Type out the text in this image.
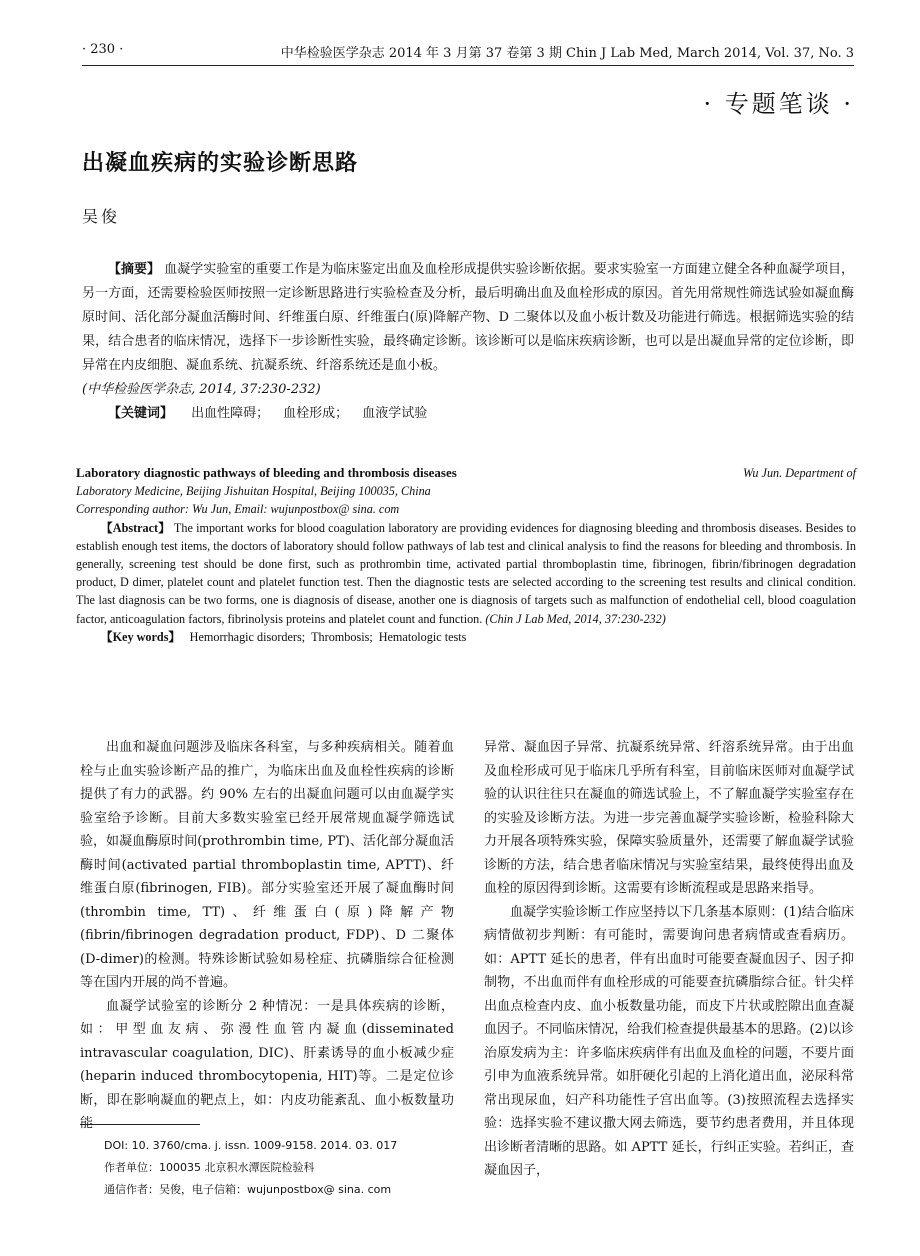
· 230 ·	中华检验医学杂志 2014 年 3 月第 37 卷第 3 期 Chin J Lab Med, March 2014, Vol. 37, No. 3
· 专题笔谈 ·
出凝血疾病的实验诊断思路
吴俊

【摘要】 血凝学实验室的重要工作是为临床鉴定出血及血栓形成提供实验诊断依据。要求实验室一方面建立健全各种血凝学项目，另一方面，还需要检验医师按照一定诊断思路进行实验检查及分析，最后明确出血及血栓形成的原因。首先用常规性筛选试验如凝血酶原时间、活化部分凝血活酶时间、纤维蛋白原、纤维蛋白(原)降解产物、D 二聚体以及血小板计数及功能进行筛选。根据筛选实验的结果，结合患者的临床情况，选择下一步诊断性实验，最终确定诊断。该诊断可以是临床疾病诊断，也可以是出凝血异常的定位诊断，即异常在内皮细胞、凝血系统、抗凝系统、纤溶系统还是血小板。

(中华检验医学杂志, 2014, 37:230-232)

【关键词】 出血性障碍； 血栓形成； 血液学试验

Laboratory diagnostic pathways of bleeding and thrombosis diseases	Wu Jun. Department of

Laboratory Medicine, Beijing Jishuitan Hospital, Beijing 100035, China

Corresponding author: Wu Jun, Email: wujunpostbox@ sina. com

【Abstract】 The important works for blood coagulation laboratory are providing evidences for diagnosing bleeding and thrombosis diseases. Besides to establish enough test items, the doctors of laboratory should follow pathways of lab test and clinical analysis to find the reasons for bleeding and thrombosis. In generally, screening test should be done first, such as prothrombin time, activated partial thromboplastin time, fibrinogen, fibrin/fibrinogen degradation product, D dimer, platelet count and platelet function test. Then the diagnostic tests are selected according to the screening test results and clinical condition. The last diagnosis can be two forms, one is diagnosis of disease, another one is diagnosis of targets such as malfunction of endothelial cell, blood coagulation factor, anticoagulation factors, fibrinolysis proteins and platelet count and function. (Chin J Lab Med, 2014, 37:230-232)

【Key words】 Hemorrhagic disorders; Thrombosis; Hematologic tests

出血和凝血问题涉及临床各科室，与多种疾病相关。随着血栓与止血实验诊断产品的推广，为临床出血及血栓性疾病的诊断提供了有力的武器。约 90% 左右的出凝血问题可以由血凝学实验室给予诊断。目前大多数实验室已经开展常规血凝学筛选试验，如凝血酶原时间(prothrombin time, PT)、活化部分凝血活酶时间(activated partial thromboplastin time, APTT)、纤维蛋白原(fibrinogen, FIB)。部分实验室还开展了凝血酶时间(thrombin time, TT)、纤维蛋白(原)降解产物(fibrin/fibrinogen degradation product, FDP)、D 二聚体(D-dimer)的检测。特殊诊断试验如易栓症、抗磷脂综合征检测等在国内开展的尚不普遍。

血凝学试验室的诊断分 2 种情况：一是具体疾病的诊断，如：甲型血友病、弥漫性血管内凝血(disseminated intravascular coagulation, DIC)、肝素诱导的血小板减少症(heparin induced thrombocytopenia, HIT)等。二是定位诊断，即在影响凝血的靶点上，如：内皮功能紊乱、血小板数量功能

异常、凝血因子异常、抗凝系统异常、纤溶系统异常。由于出血及血栓形成可见于临床几乎所有科室，目前临床医师对血凝学试验的认识往往只在凝血的筛选试验上，不了解血凝学实验室存在的实验及诊断方法。为进一步完善血凝学实验诊断，检验科除大力开展各项特殊实验，保障实验质量外，还需要了解血凝学试验诊断的方法，结合患者临床情况与实验室结果，最终使得出血及血栓的原因得到诊断。这需要有诊断流程或是思路来指导。

血凝学实验诊断工作应坚持以下几条基本原则：(1)结合临床病情做初步判断：有可能时，需要询问患者病情或查看病历。如：APTT 延长的患者，伴有出血时可能要查凝血因子、因子抑制物，不出血而伴有血栓形成的可能要查抗磷脂综合征。针尖样出血点检查内皮、血小板数量功能，而皮下片状或腔隙出血查凝血因子。不同临床情况，给我们检查提供最基本的思路。(2)以诊治原发病为主：许多临床疾病伴有出血及血栓的问题，不要片面引申为血液系统异常。如肝硬化引起的上消化道出血，泌尿科常常出现尿血，妇产科功能性子宫出血等。(3)按照流程去选择实验：选择实验不建议撒大网去筛选，要节约患者费用，并且体现出诊断者清晰的思路。如 APTT 延长，行纠正实验。若纠正，查凝血因子，

DOI: 10. 3760/cma. j. issn. 1009-9158. 2014. 03. 017
作者单位：100035 北京积水潭医院检验科
通信作者：吴俊，电子信箱：wujunpostbox@ sina. com
